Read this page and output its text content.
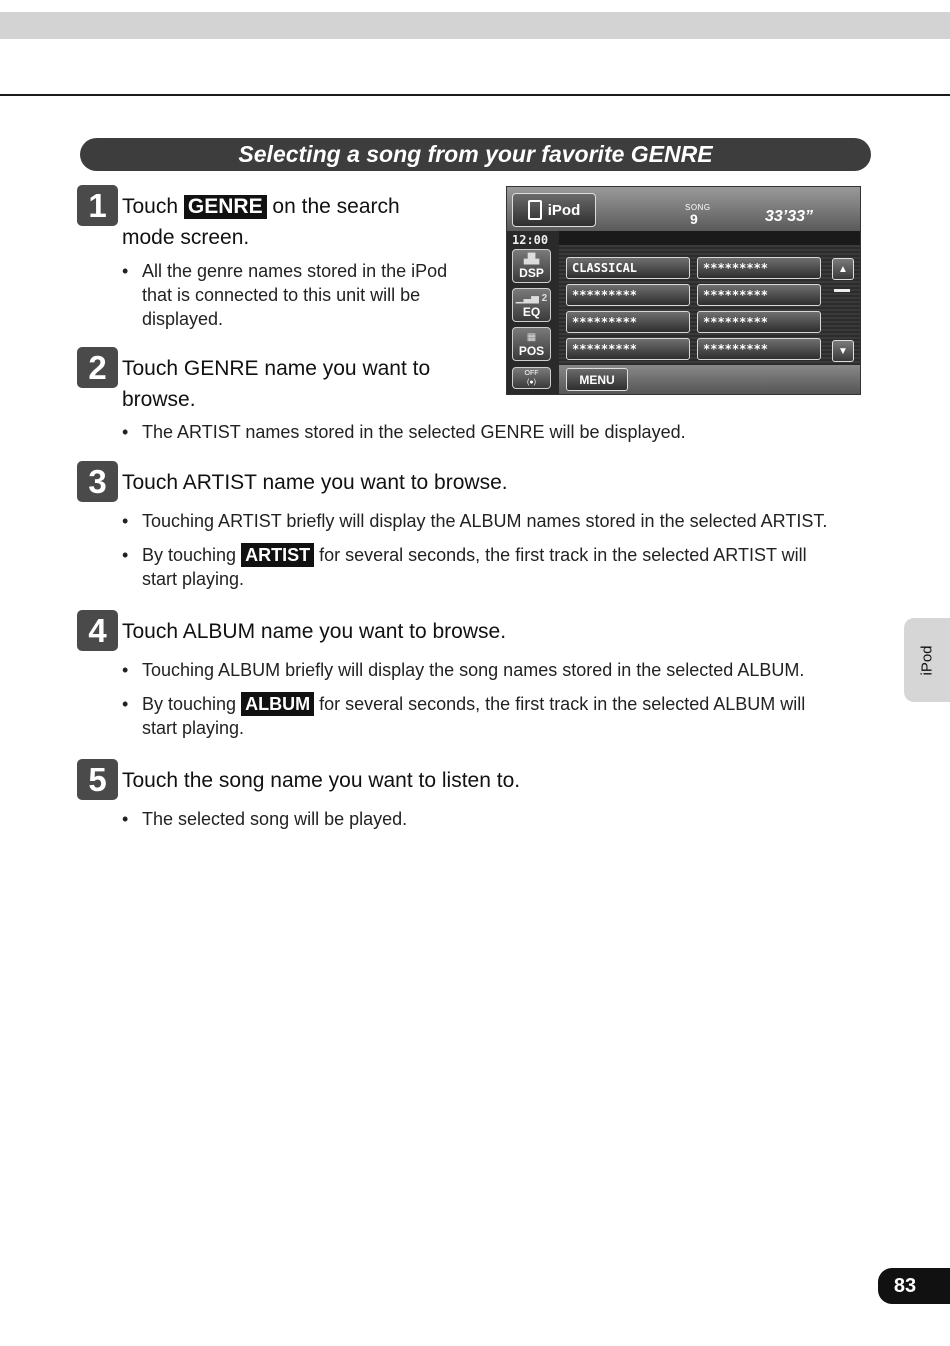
Selecting a song from your favorite GENRE
1 Touch GENRE on the search
mode screen.
• All the genre names stored in the iPod
that is connected to this unit will be
displayed.
iPod	SONG
9	33’33”
12:00
▟▙
DSP
▁▃▅ 2
EQ
▦
POS
OFF
(●)
CLASSICAL	*********
*********	*********
*********	*********
*********	*********
▲
▼
MENU
2 Touch GENRE name you want to
browse.
• The ARTIST names stored in the selected GENRE will be displayed.
3 Touch ARTIST name you want to browse.
• Touching ARTIST briefly will display the ALBUM names stored in the selected ARTIST.
• By touching ARTIST for several seconds, the first track in the selected ARTIST will
start playing.
4 Touch ALBUM name you want to browse.
• Touching ALBUM briefly will display the song names stored in the selected ALBUM.
• By touching ALBUM for several seconds, the first track in the selected ALBUM will
start playing.
5 Touch the song name you want to listen to.
• The selected song will be played.
iPod
83
